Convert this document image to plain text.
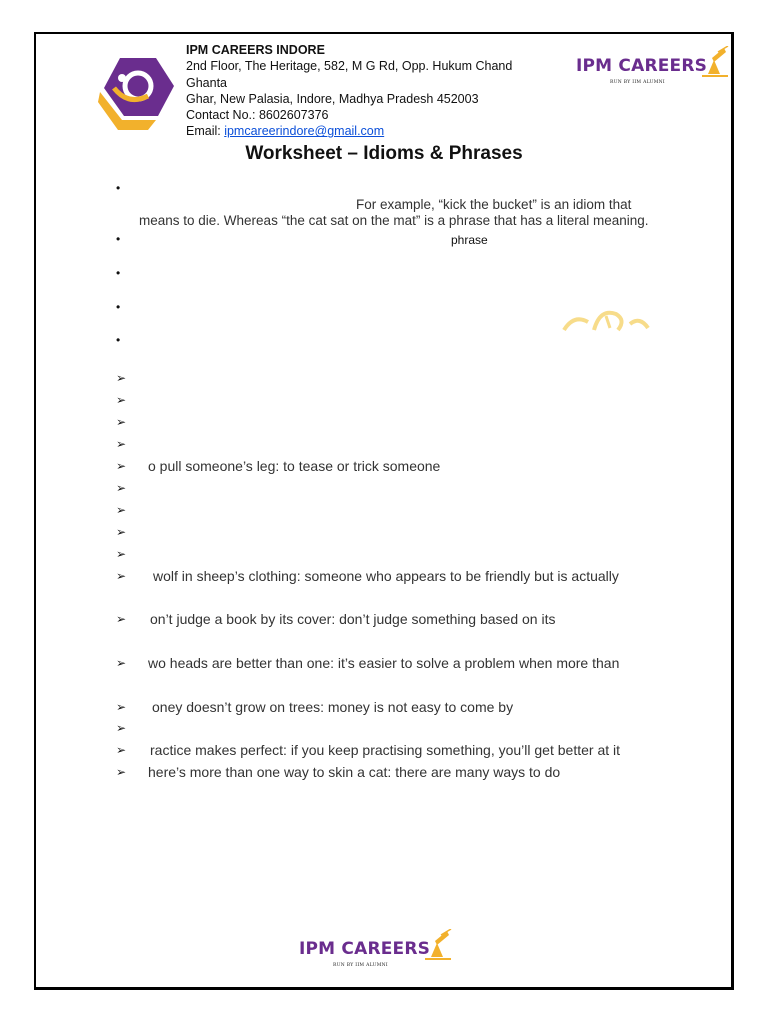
IPM CAREERS INDORE
2nd Floor, The Heritage, 582, M G Rd, Opp. Hukum Chand
Ghanta
Ghar, New Palasia, Indore, Madhya Pradesh 452003
Contact No.: 8602607376
Email: ipmcareerindore@gmail.com
IPM CAREERS
RUN BY IIM ALUMNI
Worksheet – Idioms & Phrases
•
For example, “kick the bucket” is an idiom that
means to die. Whereas “the cat sat on the mat” is a phrase that has a literal meaning.
•	phrase
•
•
•
➢
➢
➢
➢
➢ o pull someone’s leg: to tease or trick someone
➢
➢
➢
➢
➢ wolf in sheep’s clothing: someone who appears to be friendly but is actually
➢ on’t judge a book by its cover: don’t judge something based on its
➢ wo heads are better than one: it’s easier to solve a problem when more than
➢ oney doesn’t grow on trees: money is not easy to come by
➢
➢ ractice makes perfect: if you keep practising something, you’ll get better at it
➢ here’s more than one way to skin a cat: there are many ways to do
IPM CAREERS
RUN BY IIM ALUMNI
